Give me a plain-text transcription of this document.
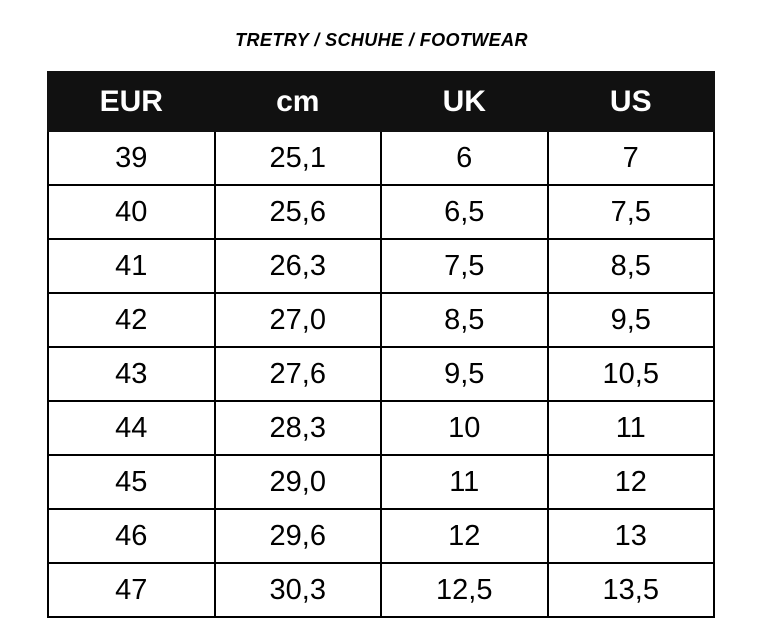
TRETRY / SCHUHE / FOOTWEAR
EUR	cm	UK	US
39	25,1	6	7
40	25,6	6,5	7,5
41	26,3	7,5	8,5
42	27,0	8,5	9,5
43	27,6	9,5	10,5
44	28,3	10	11
45	29,0	11	12
46	29,6	12	13
47	30,3	12,5	13,5
